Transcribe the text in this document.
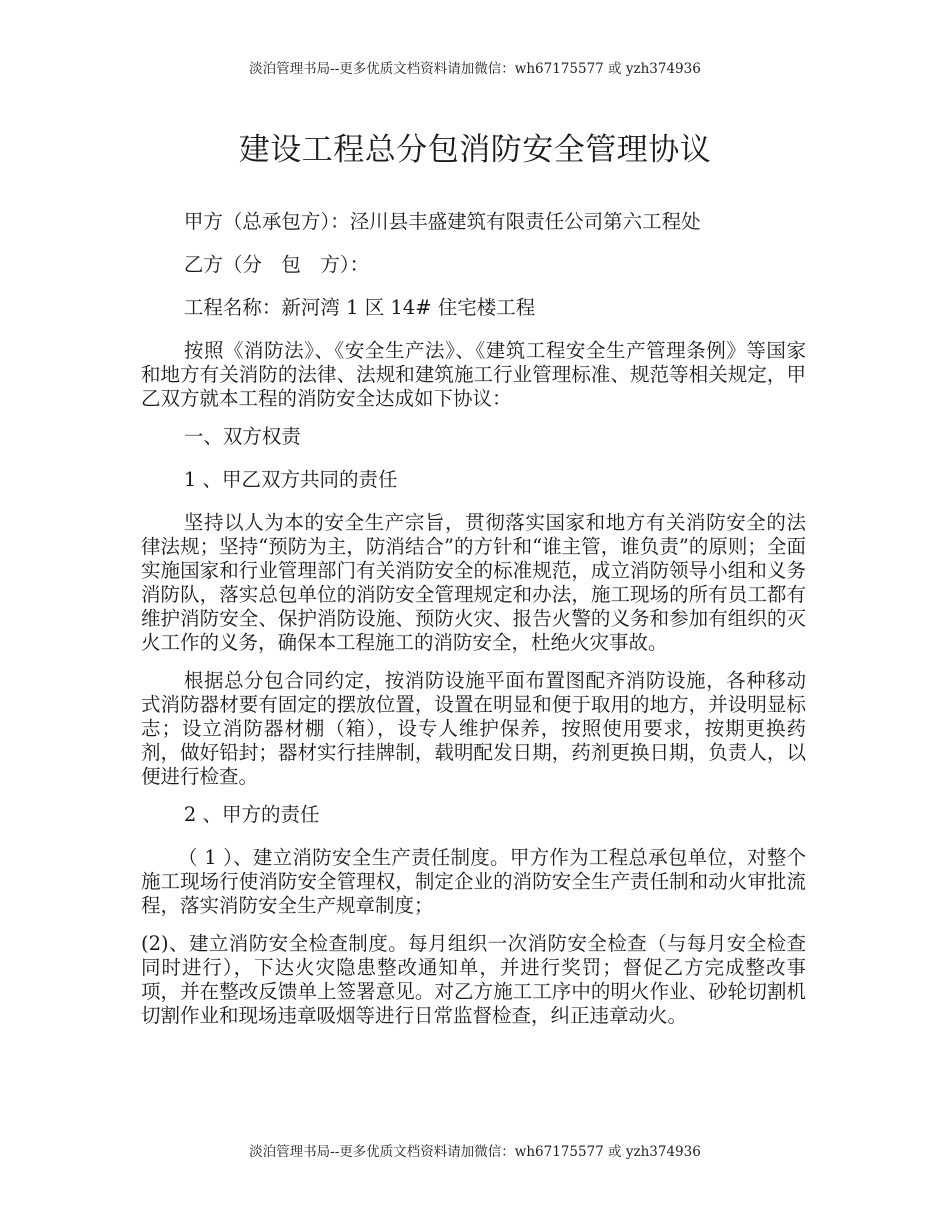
淡泊管理书局--更多优质文档资料请加微信：wh67175577 或 yzh374936
建设工程总分包消防安全管理协议

甲方（总承包方）：泾川县丰盛建筑有限责任公司第六工程处

乙方（分　包　方）：

工程名称：新河湾 1 区 14# 住宅楼工程

按照《消防法》、《安全生产法》、《建筑工程安全生产管理条例》等国家和地方有关消防的法律、法规和建筑施工行业管理标准、规范等相关规定，甲乙双方就本工程的消防安全达成如下协议：

一、双方权责

1 、甲乙双方共同的责任

坚持以人为本的安全生产宗旨，贯彻落实国家和地方有关消防安全的法律法规；坚持“预防为主，防消结合”的方针和“谁主管，谁负责”的原则；全面实施国家和行业管理部门有关消防安全的标准规范，成立消防领导小组和义务消防队，落实总包单位的消防安全管理规定和办法，施工现场的所有员工都有维护消防安全、保护消防设施、预防火灾、报告火警的义务和参加有组织的灭火工作的义务，确保本工程施工的消防安全，杜绝火灾事故。

根据总分包合同约定，按消防设施平面布置图配齐消防设施，各种移动式消防器材要有固定的摆放位置，设置在明显和便于取用的地方，并设明显标志；设立消防器材棚（箱），设专人维护保养，按照使用要求，按期更换药剂，做好铅封；器材实行挂牌制，载明配发日期，药剂更换日期，负责人，以便进行检查。

2 、甲方的责任

（ 1 ）、建立消防安全生产责任制度。甲方作为工程总承包单位，对整个施工现场行使消防安全管理权，制定企业的消防安全生产责任制和动火审批流程，落实消防安全生产规章制度；

(2)、建立消防安全检查制度。每月组织一次消防安全检查（与每月安全检查同时进行），下达火灾隐患整改通知单，并进行奖罚；督促乙方完成整改事项，并在整改反馈单上签署意见。对乙方施工工序中的明火作业、砂轮切割机切割作业和现场违章吸烟等进行日常监督检查，纠正违章动火。

淡泊管理书局--更多优质文档资料请加微信：wh67175577 或 yzh374936
